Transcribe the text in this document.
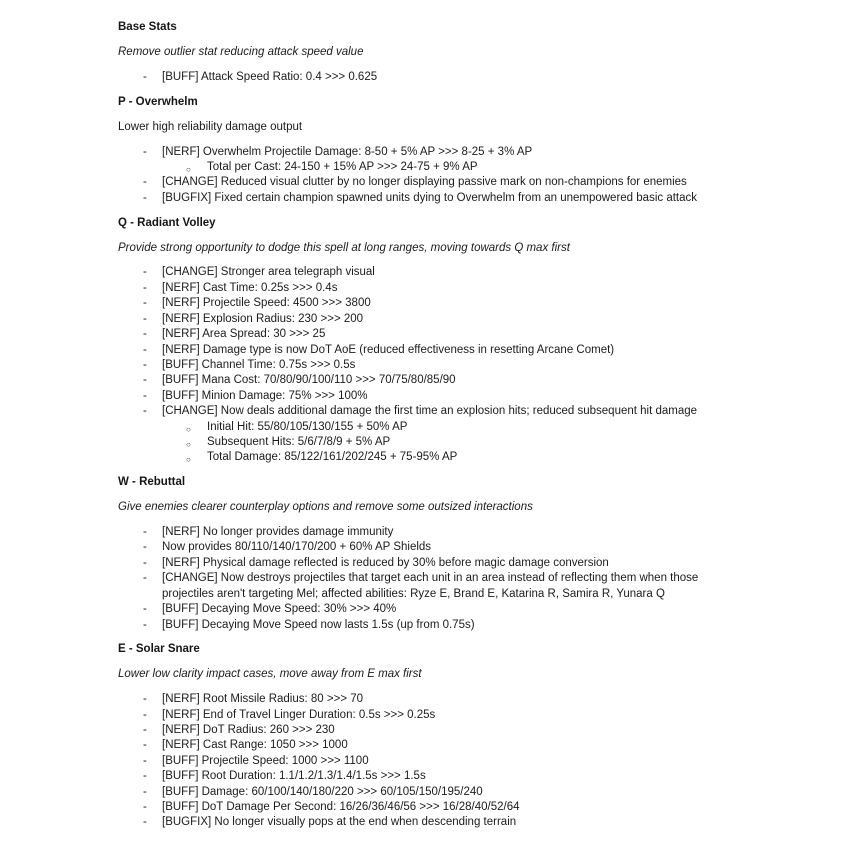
Base Stats

Remove outlier stat reducing attack speed value

- [BUFF] Attack Speed Ratio: 0.4 >>> 0.625
P - Overwhelm

Lower high reliability damage output

- [NERF] Overwhelm Projectile Damage: 8-50 + 5% AP >>> 8-25 + 3% AP
○ Total per Cast: 24-150 + 15% AP >>> 24-75 + 9% AP
- [CHANGE] Reduced visual clutter by no longer displaying passive mark on non-champions for enemies
- [BUGFIX] Fixed certain champion spawned units dying to Overwhelm from an unempowered basic attack
Q - Radiant Volley

Provide strong opportunity to dodge this spell at long ranges, moving towards Q max first

- [CHANGE] Stronger area telegraph visual
- [NERF] Cast Time: 0.25s >>> 0.4s
- [NERF] Projectile Speed: 4500 >>> 3800
- [NERF] Explosion Radius: 230 >>> 200
- [NERF] Area Spread: 30 >>> 25
- [NERF] Damage type is now DoT AoE (reduced effectiveness in resetting Arcane Comet)
- [BUFF] Channel Time: 0.75s >>> 0.5s
- [BUFF] Mana Cost: 70/80/90/100/110 >>> 70/75/80/85/90
- [BUFF] Minion Damage: 75% >>> 100%
- [CHANGE] Now deals additional damage the first time an explosion hits; reduced subsequent hit damage
○ Initial Hit: 55/80/105/130/155 + 50% AP
○ Subsequent Hits: 5/6/7/8/9 + 5% AP
○ Total Damage: 85/122/161/202/245 + 75-95% AP
W - Rebuttal

Give enemies clearer counterplay options and remove some outsized interactions

- [NERF] No longer provides damage immunity
- Now provides 80/110/140/170/200 + 60% AP Shields
- [NERF] Physical damage reflected is reduced by 30% before magic damage conversion
- [CHANGE] Now destroys projectiles that target each unit in an area instead of reflecting them when those projectiles aren't targeting Mel; affected abilities: Ryze E, Brand E, Katarina R, Samira R, Yunara Q
- [BUFF] Decaying Move Speed: 30% >>> 40%
- [BUFF] Decaying Move Speed now lasts 1.5s (up from 0.75s)
E - Solar Snare

Lower low clarity impact cases, move away from E max first

- [NERF] Root Missile Radius: 80 >>> 70
- [NERF] End of Travel Linger Duration: 0.5s >>> 0.25s
- [NERF] DoT Radius: 260 >>> 230
- [NERF] Cast Range: 1050 >>> 1000
- [BUFF] Projectile Speed: 1000 >>> 1100
- [BUFF] Root Duration: 1.1/1.2/1.3/1.4/1.5s >>> 1.5s
- [BUFF] Damage: 60/100/140/180/220 >>> 60/105/150/195/240
- [BUFF] DoT Damage Per Second: 16/26/36/46/56 >>> 16/28/40/52/64
- [BUGFIX] No longer visually pops at the end when descending terrain
